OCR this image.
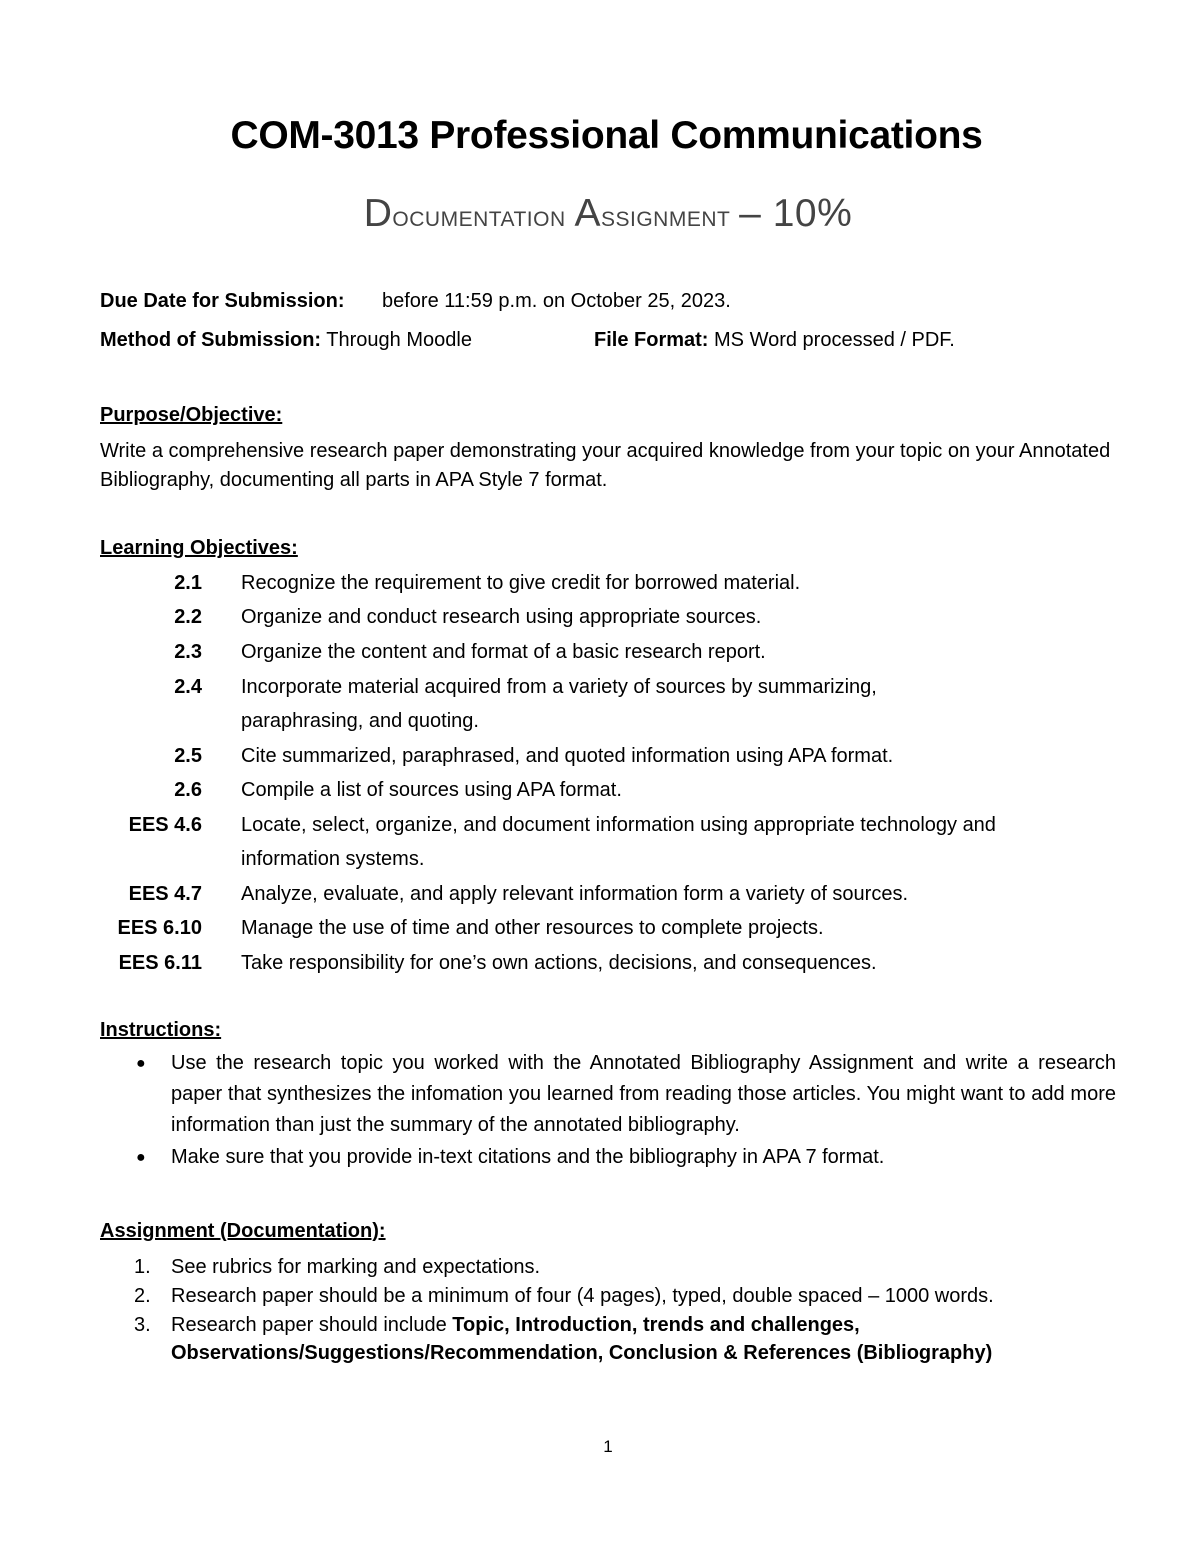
COM-3013 Professional Communications
Documentation Assignment – 10%
Due Date for Submission: before 11:59 p.m. on October 25, 2023.
Method of Submission: Through Moodle	File Format: MS Word processed / PDF.
Purpose/Objective:
Write a comprehensive research paper demonstrating your acquired knowledge from your topic on your Annotated Bibliography, documenting all parts in APA Style 7 format.
Learning Objectives:
2.1 Recognize the requirement to give credit for borrowed material.
2.2 Organize and conduct research using appropriate sources.
2.3 Organize the content and format of a basic research report.
2.4 Incorporate material acquired from a variety of sources by summarizing, paraphrasing, and quoting.
2.5 Cite summarized, paraphrased, and quoted information using APA format.
2.6 Compile a list of sources using APA format.
EES 4.6 Locate, select, organize, and document information using appropriate technology and information systems.
EES 4.7 Analyze, evaluate, and apply relevant information form a variety of sources.
EES 6.10 Manage the use of time and other resources to complete projects.
EES 6.11 Take responsibility for one’s own actions, decisions, and consequences.
Instructions:
● Use the research topic you worked with the Annotated Bibliography Assignment and write a research paper that synthesizes the infomation you learned from reading those articles. You might want to add more information than just the summary of the annotated bibliography.
● Make sure that you provide in-text citations and the bibliography in APA 7 format.
Assignment (Documentation):
1. See rubrics for marking and expectations.
2. Research paper should be a minimum of four (4 pages), typed, double spaced – 1000 words.
3. Research paper should include Topic, Introduction, trends and challenges, Observations/Suggestions/Recommendation, Conclusion & References (Bibliography)
1
